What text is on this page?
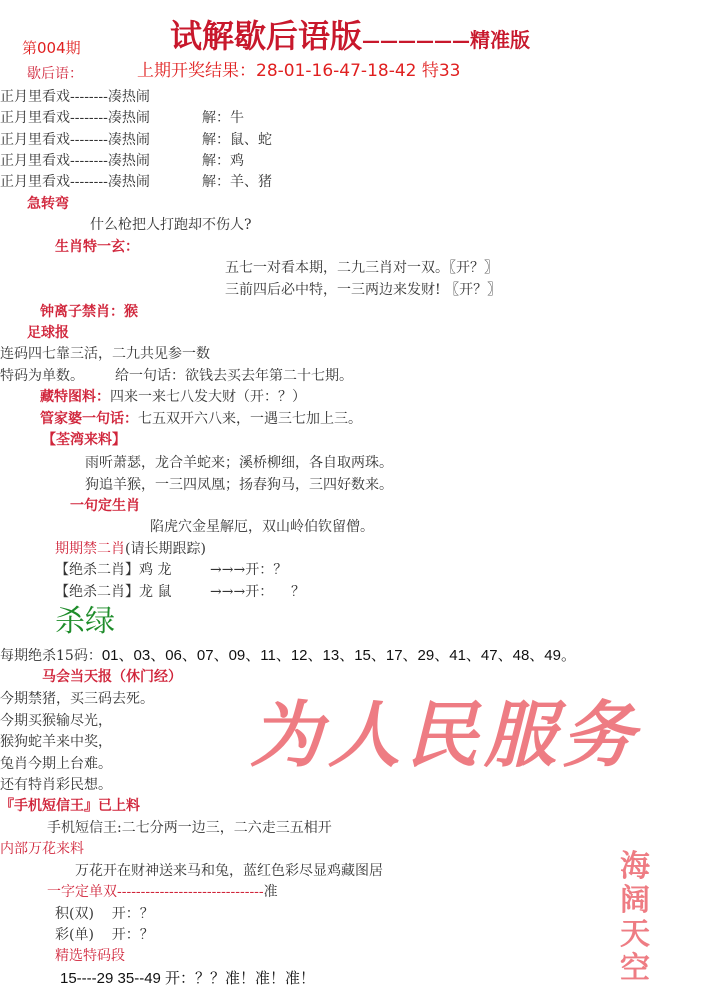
为人民服务
海阔天空
试解歇后语版——————精准版
第004期
歇后语：	上期开奖结果：28-01-16-47-18-42 特33
正月里看戏--------凑热闹
正月里看戏--------凑热闹	解：牛
正月里看戏--------凑热闹	解：鼠、蛇
正月里看戏--------凑热闹	解：鸡
正月里看戏--------凑热闹	解：羊、猪
急转弯
什么枪把人打跑却不伤人?
生肖特一玄：
五七一对看本期，二九三肖对一双。〖开？〗
三前四后必中特，一三两边来发财! 〖开？〗
钟离子禁肖：猴
足球报
连码四七靠三活，二九共见参一数
特码为单数。 给一句话：欲钱去买去年第二十七期。
藏特图料：四来一来七八发大财（开：？）
管家婆一句话：七五双开六八来，一遇三七加上三。
【荃湾来料】
雨听萧瑟，龙合羊蛇来；溪桥柳细，各自取两珠。
狗追羊猴，一三四凤凰；扬春狗马，三四好数来。
一句定生肖
陷虎穴金星解厄，双山岭伯钦留僧。
期期禁二肖(请长期跟踪)
【绝杀二肖】鸡 龙	→→→开：？
【绝杀二肖】龙 鼠	→→→开：    ？
杀绿
每期绝杀15码：01、03、06、07、09、11、12、13、15、17、29、41、47、48、49。
马会当天报（休门经）
今期禁猪，买三码去死。
今期买猴输尽光，
猴狗蛇羊来中奖，
兔肖今期上台难。
还有特肖彩民想。
『手机短信王』已上料
手机短信王:二七分两一边三，二六走三五相开
内部万花来料
万花开在财神送来马和兔，蓝红色彩尽显鸡藏图居
一字定单双-------------------------------准
积(双)    开：？
彩(单)    开：？
精选特码段
15----29 35--49 开：？？准！准！准！
